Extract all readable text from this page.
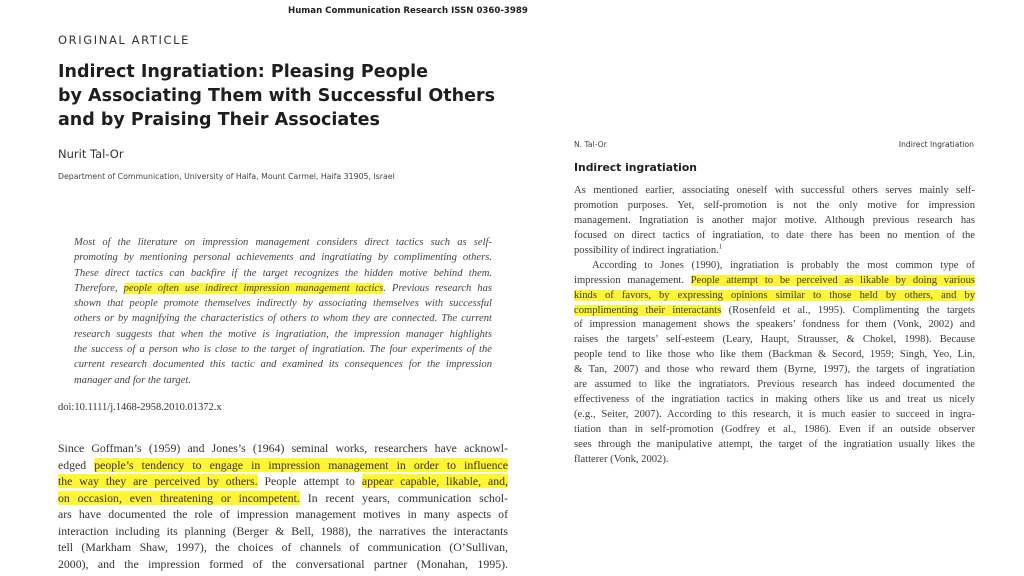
Human Communication Research ISSN 0360-3989
ORIGINAL ARTICLE
Indirect Ingratiation: Pleasing People
by Associating Them with Successful Others
and by Praising Their Associates
Nurit Tal-Or
Department of Communication, University of Haifa, Mount Carmel, Haifa 31905, Israel
Most of the literature on impression management considers direct tactics such as self-
promoting by mentioning personal achievements and ingratiating by complimenting others.
These direct tactics can backfire if the target recognizes the hidden motive behind them.
Therefore, people often use indirect impression management tactics. Previous research has
shown that people promote themselves indirectly by associating themselves with successful
others or by magnifying the characteristics of others to whom they are connected. The current
research suggests that when the motive is ingratiation, the impression manager highlights
the success of a person who is close to the target of ingratiation. The four experiments of the
current research documented this tactic and examined its consequences for the impression
manager and for the target.
doi:10.1111/j.1468-2958.2010.01372.x
Since Goffman’s (1959) and Jones’s (1964) seminal works, researchers have acknowl-
edged people’s tendency to engage in impression management in order to influence
the way they are perceived by others. People attempt to appear capable, likable, and,
on occasion, even threatening or incompetent. In recent years, communication schol-
ars have documented the role of impression management motives in many aspects of
interaction including its planning (Berger & Bell, 1988), the narratives the interactants
tell (Markham Shaw, 1997), the choices of channels of communication (O’Sullivan,
2000), and the impression formed of the conversational partner (Monahan, 1995).
N. Tal-Or	Indirect Ingratiation
Indirect ingratiation
As mentioned earlier, associating oneself with successful others serves mainly self-
promotion purposes. Yet, self-promotion is not the only motive for impression
management. Ingratiation is another major motive. Although previous research has
focused on direct tactics of ingratiation, to date there has been no mention of the
possibility of indirect ingratiation.$^1$
According to Jones (1990), ingratiation is probably the most common type of
impression management. People attempt to be perceived as likable by doing various
kinds of favors, by expressing opinions similar to those held by others, and by
complimenting their interactants (Rosenfeld et al., 1995). Complimenting the targets
of impression management shows the speakers’ fondness for them (Vonk, 2002) and
raises the targets’ self-esteem (Leary, Haupt, Strausser, & Chokel, 1998). Because
people tend to like those who like them (Backman & Secord, 1959; Singh, Yeo, Lin,
& Tan, 2007) and those who reward them (Byrne, 1997), the targets of ingratiation
are assumed to like the ingratiators. Previous research has indeed documented the
effectiveness of the ingratiation tactics in making others like us and treat us nicely
(e.g., Seiter, 2007). According to this research, it is much easier to succeed in ingra-
tiation than in self-promotion (Godfrey et al., 1986). Even if an outside observer
sees through the manipulative attempt, the target of the ingratiation usually likes the
flatterer (Vonk, 2002).
